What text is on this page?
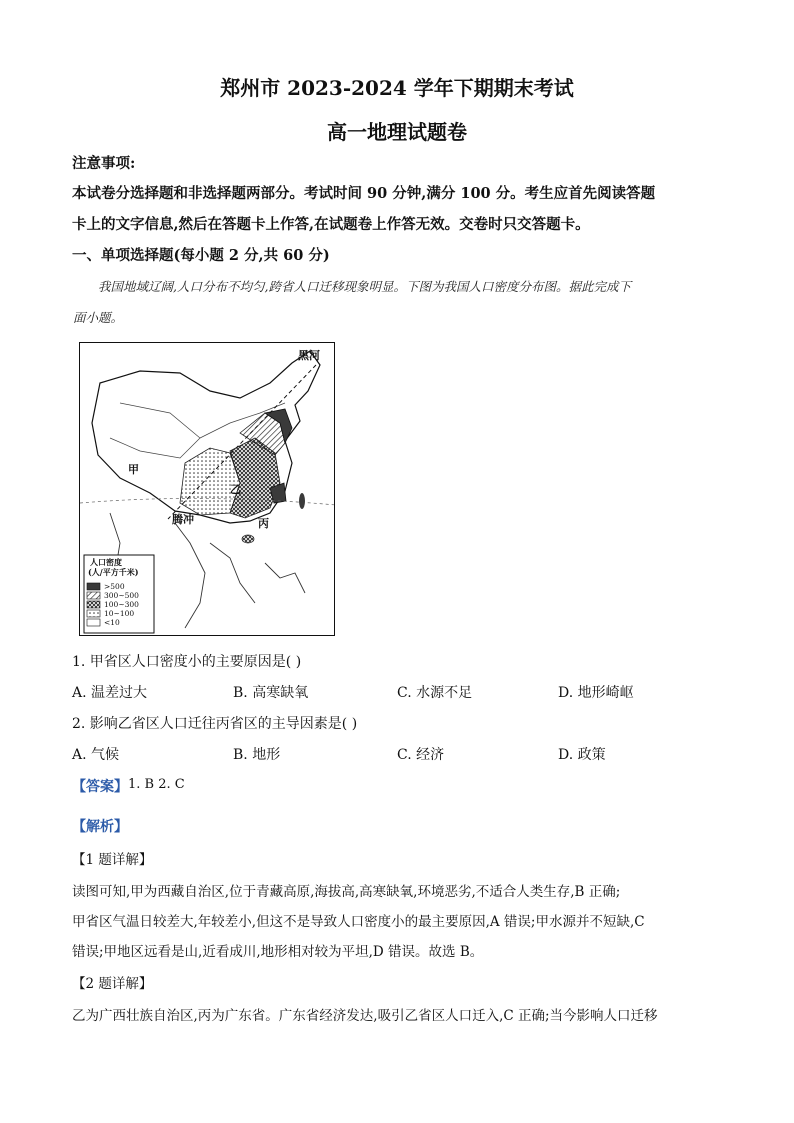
郑州市 2023-2024 学年下期期末考试
高一地理试题卷
注意事项:
本试卷分选择题和非选择题两部分。考试时间 90 分钟,满分 100 分。考生应首先阅读答题
卡上的文字信息,然后在答题卡上作答,在试题卷上作答无效。交卷时只交答题卡。
一、单项选择题(每小题 2 分,共 60 分)
我国地域辽阔,人口分布不均匀,跨省人口迁移现象明显。下图为我国人口密度分布图。据此完成下
面小题。
黑河
甲
腾冲
乙
丙
人口密度
(人/平方千米)
>500
300~500
100~300
10~100
<10
1. 甲省区人口密度小的主要原因是( )
A. 温差过大	B. 高寒缺氧	C. 水源不足	D. 地形崎岖
2. 影响乙省区人口迁往丙省区的主导因素是( )
A. 气候	B. 地形	C. 经济	D. 政策
【答案】 1. B 2. C
【解析】
【1 题详解】
读图可知,甲为西藏自治区,位于青藏高原,海拔高,高寒缺氧,环境恶劣,不适合人类生存,B 正确;
甲省区气温日较差大,年较差小,但这不是导致人口密度小的最主要原因,A 错误;甲水源并不短缺,C
错误;甲地区远看是山,近看成川,地形相对较为平坦,D 错误。故选 B。
【2 题详解】
乙为广西壮族自治区,丙为广东省。广东省经济发达,吸引乙省区人口迁入,C 正确;当今影响人口迁移
